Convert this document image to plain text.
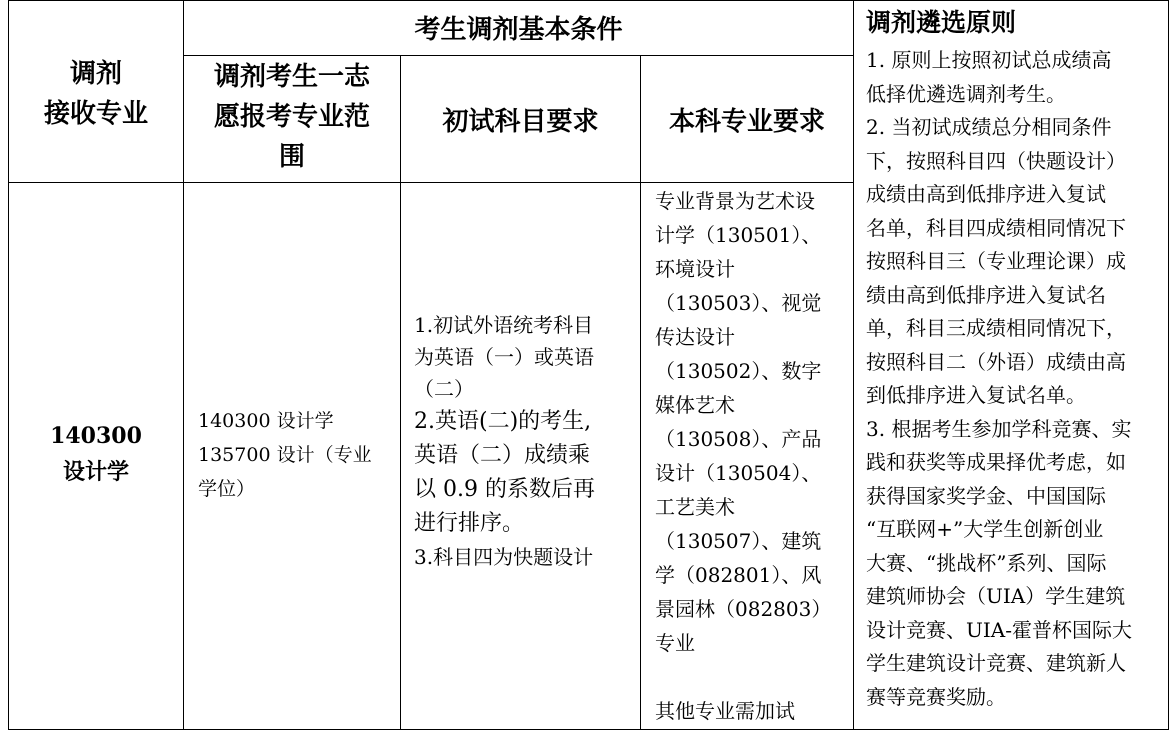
考生调剂基本条件
调剂
接收专业
调剂考生一志
愿报考专业范
围
初试科目要求	本科专业要求
调剂遴选原则
140300
设计学
140300 设计学
135700 设计（专业
学位）
1.初试外语统考科目
为英语（一）或英语
（二）
2.英语(二)的考生,
英语（二）成绩乘
以 0.9 的系数后再
进行排序。
3.科目四为快题设计
专业背景为艺术设
计学（130501）、
环境设计
（130503）、视觉
传达设计
（130502）、数字
媒体艺术
（130508）、产品
设计（130504）、
工艺美术
（130507）、建筑
学（082801）、风
景园林（082803）
专业
其他专业需加试
1. 原则上按照初试总成绩高
低择优遴选调剂考生。
2. 当初试成绩总分相同条件
下，按照科目四（快题设计）
成绩由高到低排序进入复试
名单，科目四成绩相同情况下
按照科目三（专业理论课）成
绩由高到低排序进入复试名
单，科目三成绩相同情况下，
按照科目二（外语）成绩由高
到低排序进入复试名单。
3. 根据考生参加学科竞赛、实
践和获奖等成果择优考虑，如
获得国家奖学金、中国国际
“互联网+”大学生创新创业
大赛、“挑战杯”系列、国际
建筑师协会（UIA）学生建筑
设计竞赛、UIA-霍普杯国际大
学生建筑设计竞赛、建筑新人
赛等竞赛奖励。
